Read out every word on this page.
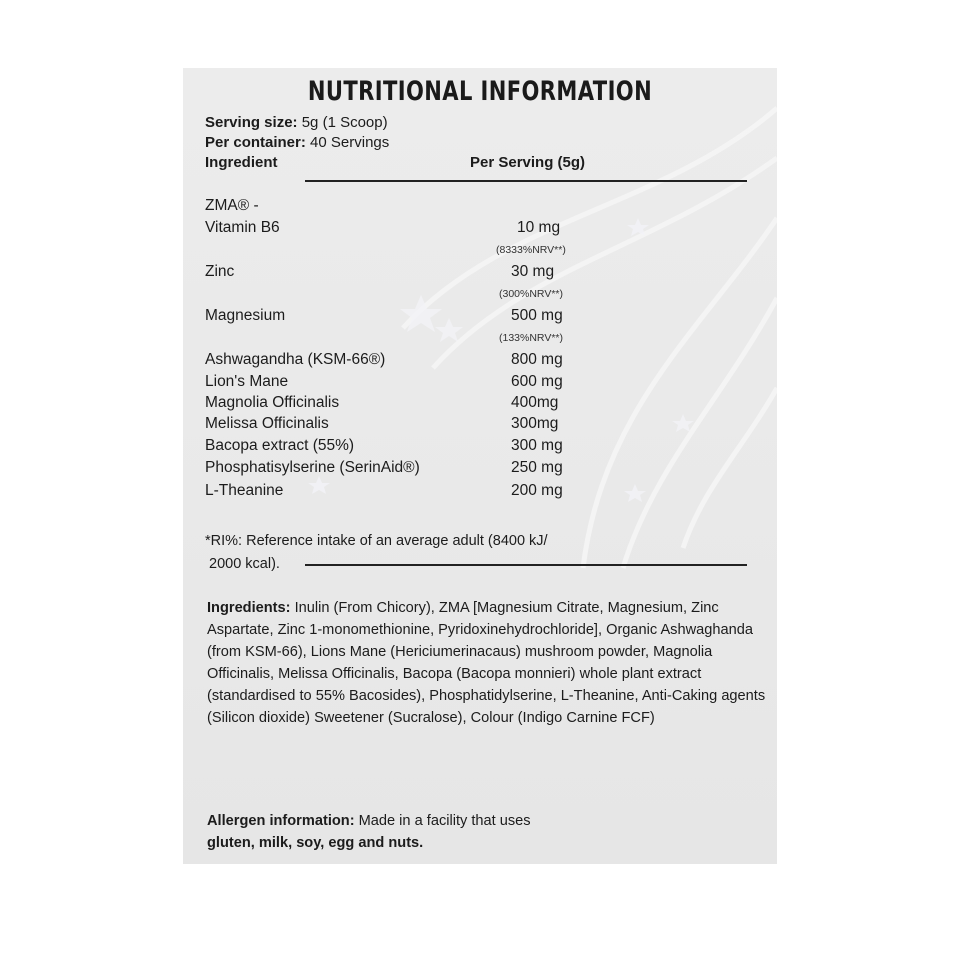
NUTRITIONAL INFORMATION
Serving size: 5g (1 Scoop)
Per container: 40 Servings
Ingredient	Per Serving (5g)
ZMA® -
Vitamin B6	10 mg
(8333%NRV**)
Zinc	30 mg
(300%NRV**)
Magnesium	500 mg
(133%NRV**)
Ashwagandha (KSM-66®)	800 mg
Lion's Mane	600 mg
Magnolia Officinalis	400mg
Melissa Officinalis	300mg
Bacopa extract (55%)	300 mg
Phosphatisylserine (SerinAid®)	250 mg
L-Theanine	200 mg
*RI%: Reference intake of an average adult (8400 kJ/
2000 kcal).
Ingredients: Inulin (From Chicory), ZMA [Magnesium Citrate, Magnesium, Zinc Aspartate, Zinc 1-monomethionine, Pyridoxinehydrochloride], Organic Ashwaghanda (from KSM-66), Lions Mane (Hericiumerinacaus) mushroom powder, Magnolia Officinalis, Melissa Officinalis, Bacopa (Bacopa monnieri) whole plant extract (standardised to 55% Bacosides), Phosphatidylserine, L-Theanine, Anti-Caking agents (Silicon dioxide) Sweetener (Sucralose), Colour (Indigo Carnine FCF)
Allergen information: Made in a facility that uses
gluten, milk, soy, egg and nuts.
